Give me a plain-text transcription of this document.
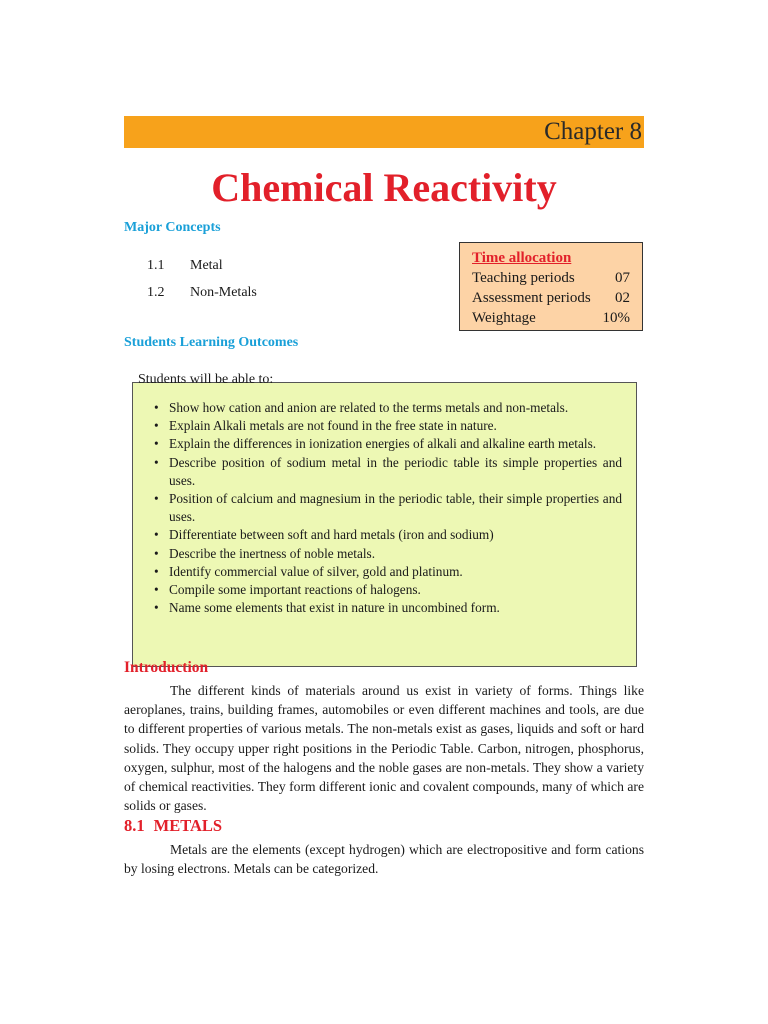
Chapter 8
Chemical Reactivity
Major Concepts
1.1 Metal
1.2 Non-Metals
Time allocation
Teaching periods	07
Assessment periods 02
Weightage	10%
Students Learning Outcomes
Students will be able to:
• Show how cation and anion are related to the terms metals and non-metals.
• Explain Alkali metals are not found in the free state in nature.
• Explain the differences in ionization energies of alkali and alkaline earth metals.
• Describe position of sodium metal in the periodic table its simple properties and uses.
• Position of calcium and magnesium in the periodic table, their simple properties and uses.
• Differentiate between soft and hard metals (iron and sodium)
• Describe the inertness of noble metals.
• Identify commercial value of silver, gold and platinum.
• Compile some important reactions of halogens.
• Name some elements that exist in nature in uncombined form.
Introduction

The different kinds of materials around us exist in variety of forms. Things like aeroplanes, trains, building frames, automobiles or even different machines and tools, are due to different properties of various metals. The non-metals exist as gases, liquids and soft or hard solids. They occupy upper right positions in the Periodic Table. Carbon, nitrogen, phosphorus, oxygen, sulphur, most of the halogens and the noble gases are non-metals. They show a variety of chemical reactivities. They form different ionic and covalent compounds, many of which are solids or gases.

8.1 METALS

Metals are the elements (except hydrogen) which are electropositive and form cations by losing electrons. Metals can be categorized.
